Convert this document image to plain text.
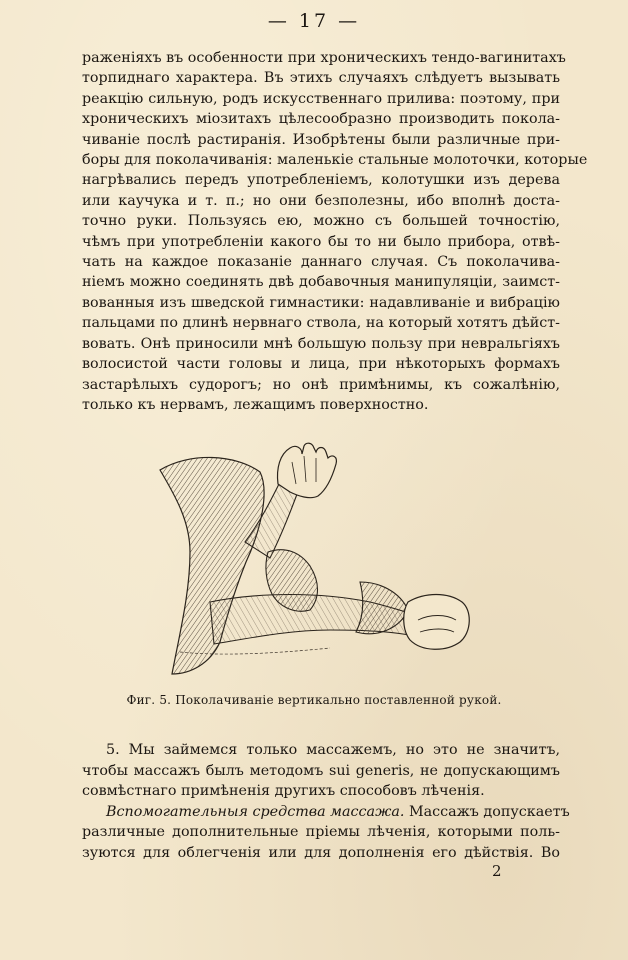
— 17 —
раженіяхъ въ особенности при хроническихъ тендо-вагинитахъ
торпиднаго характера. Въ этихъ случаяхъ слѣдуетъ вызывать
реакцію сильную, родъ искусственнаго прилива: поэтому, при
хроническихъ міозитахъ цѣлесообразно производить покола-
чиваніе послѣ растиранія. Изобрѣтены были различные при-
боры для поколачиванія: маленькіе стальные молоточки, которые
нагрѣвались передъ употребленіемъ, колотушки изъ дерева
или каучука и т. п.; но они безполезны, ибо вполнѣ доста-
точно руки. Пользуясь ею, можно съ большей точностію,
чѣмъ при употребленіи какого бы то ни было прибора, отвѣ-
чать на каждое показаніе даннаго случая. Съ поколачива-
ніемъ можно соединять двѣ добавочныя манипуляціи, заимст-
вованныя изъ шведской гимнастики: надавливаніе и вибрацію
пальцами по длинѣ нервнаго ствола, на который хотятъ дѣйст-
вовать. Онѣ приносили мнѣ большую пользу при невральгіяхъ
волосистой части головы и лица, при нѣкоторыхъ формахъ
застарѣлыхъ судорогъ; но онѣ примѣнимы, къ сожалѣнію,
только къ нервамъ, лежащимъ поверхностно.
Фиг. 5. Поколачиваніе вертикально поставленной рукой.
5. Мы займемся только массажемъ, но это не значитъ,
чтобы массажъ былъ методомъ sui generis, не допускающимъ
совмѣстнаго примѣненія другихъ способовъ лѣченія.
Вспомогательныя средства массажа. Массажъ допускаетъ
различные дополнительные пріемы лѣченія, которыми поль-
зуются для облегченія или для дополненія его дѣйствія. Во
2
